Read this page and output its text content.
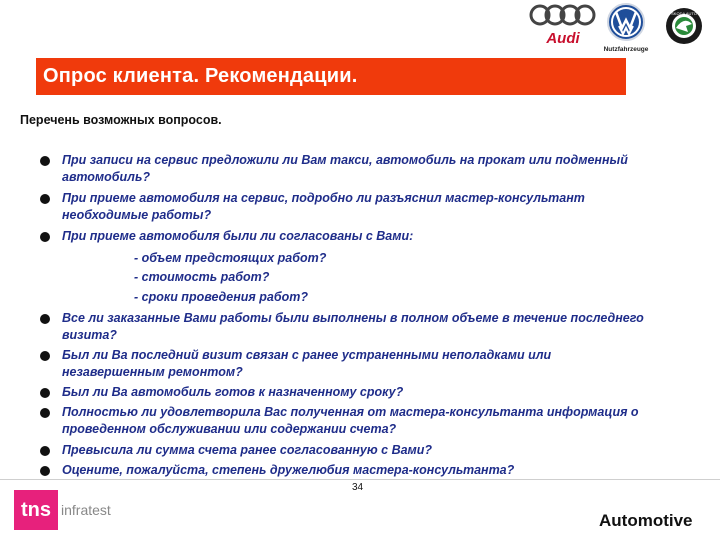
Audi
Nutzfahrzeuge
SKODA AUTO
Опрос клиента. Рекомендации.
Перечень возможных вопросов.
При записи на сервис предложили ли Вам такси, автомобиль на прокат или подменный автомобиль?
При приеме автомобиля на сервис, подробно ли разъяснил мастер-консультант необходимые работы?
При приеме автомобиля были ли согласованы с Вами:
- объем предстоящих работ?
- стоимость работ?
- сроки проведения работ?
Все ли заказанные Вами работы были выполнены в полном объеме в течение последнего визита?
Был ли Ва последний визит связан с ранее устраненными неполадками или незавершенным ремонтом?
Был ли Ва автомобиль готов к назначенному сроку?
Полностью ли удовлетворила Вас полученная от мастера-консультанта информация о проведенном обслуживании или содержании счета?
Превысила ли сумма счета ранее согласованную с Вами?
Оцените, пожалуйста, степень дружелюбия мастера-консультанта?
34
tns infratest
Automotive
